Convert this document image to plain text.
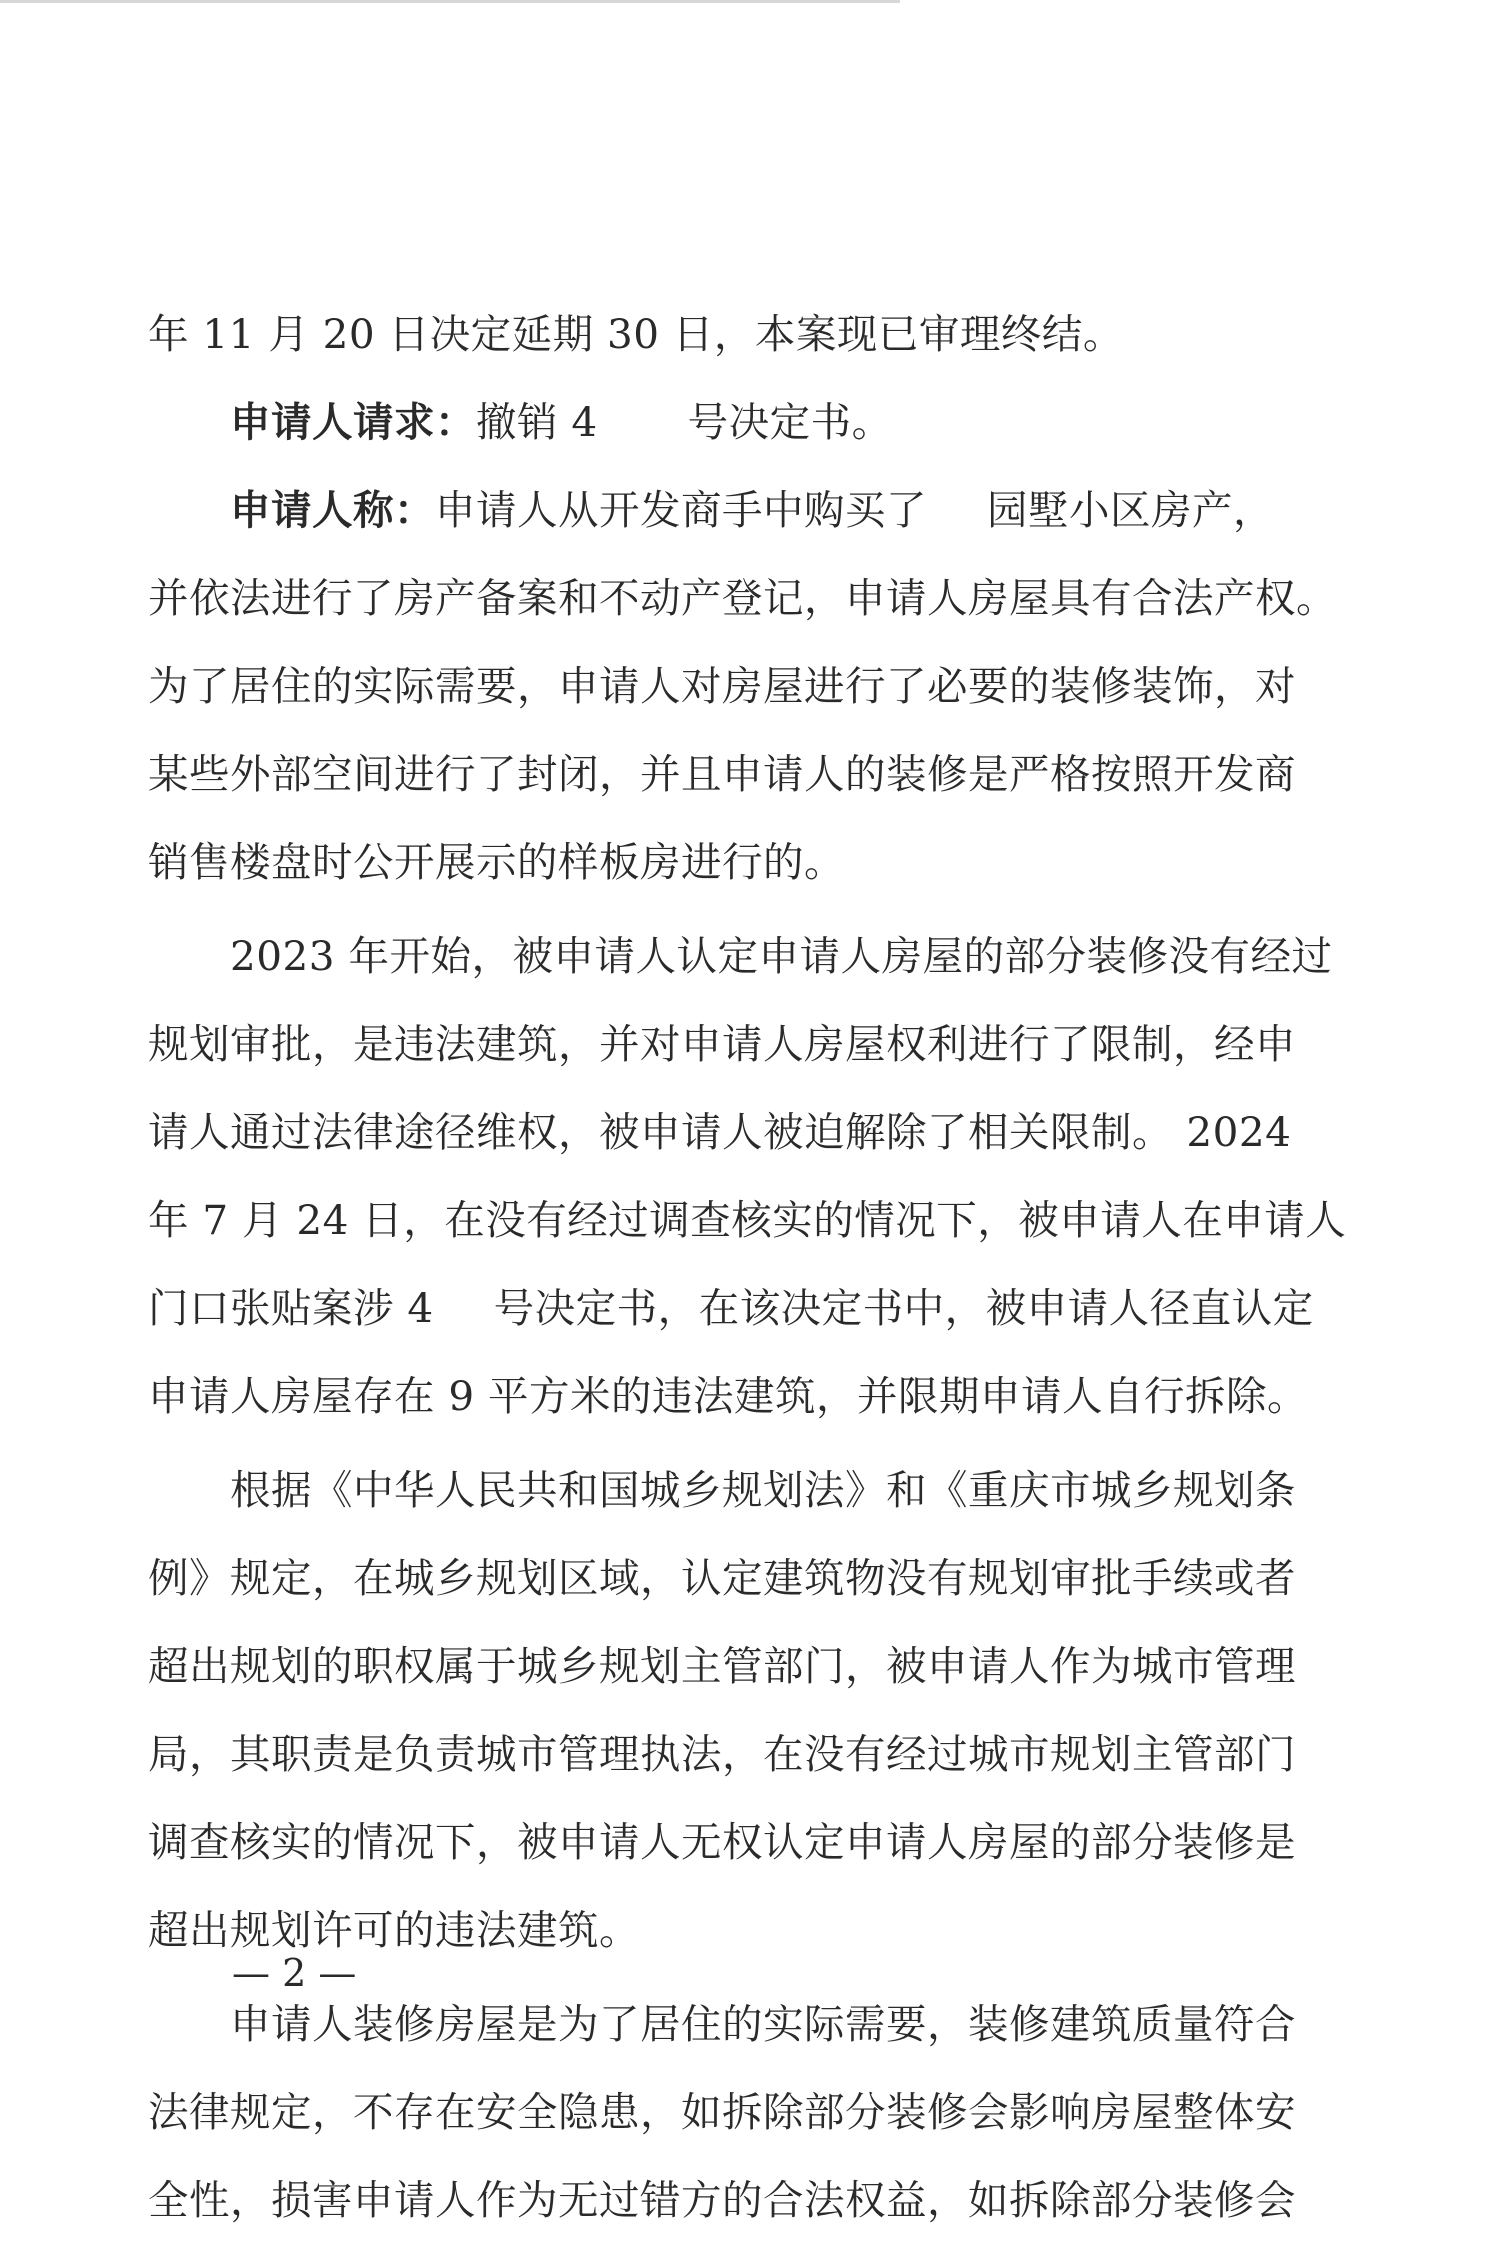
年 11 月 20 日决定延期 30 日，本案现已审理终结。
申请人请求：撤销 4 号决定书。
申请人称：申请人从开发商手中购买了 园墅小区房产，
并依法进行了房产备案和不动产登记，申请人房屋具有合法产权。
为了居住的实际需要，申请人对房屋进行了必要的装修装饰，对
某些外部空间进行了封闭，并且申请人的装修是严格按照开发商
销售楼盘时公开展示的样板房进行的。
2023 年开始，被申请人认定申请人房屋的部分装修没有经过
规划审批，是违法建筑，并对申请人房屋权利进行了限制，经申
请人通过法律途径维权，被申请人被迫解除了相关限制。 2024
年 7 月 24 日，在没有经过调查核实的情况下，被申请人在申请人
门口张贴案涉 4 号决定书，在该决定书中，被申请人径直认定
申请人房屋存在 9 平方米的违法建筑，并限期申请人自行拆除。
根据《中华人民共和国城乡规划法》和《重庆市城乡规划条
例》规定，在城乡规划区域，认定建筑物没有规划审批手续或者
超出规划的职权属于城乡规划主管部门，被申请人作为城市管理
局，其职责是负责城市管理执法，在没有经过城市规划主管部门
调查核实的情况下，被申请人无权认定申请人房屋的部分装修是
超出规划许可的违法建筑。
申请人装修房屋是为了居住的实际需要，装修建筑质量符合
法律规定，不存在安全隐患，如拆除部分装修会影响房屋整体安
全性，损害申请人作为无过错方的合法权益，如拆除部分装修会
— 2 —
